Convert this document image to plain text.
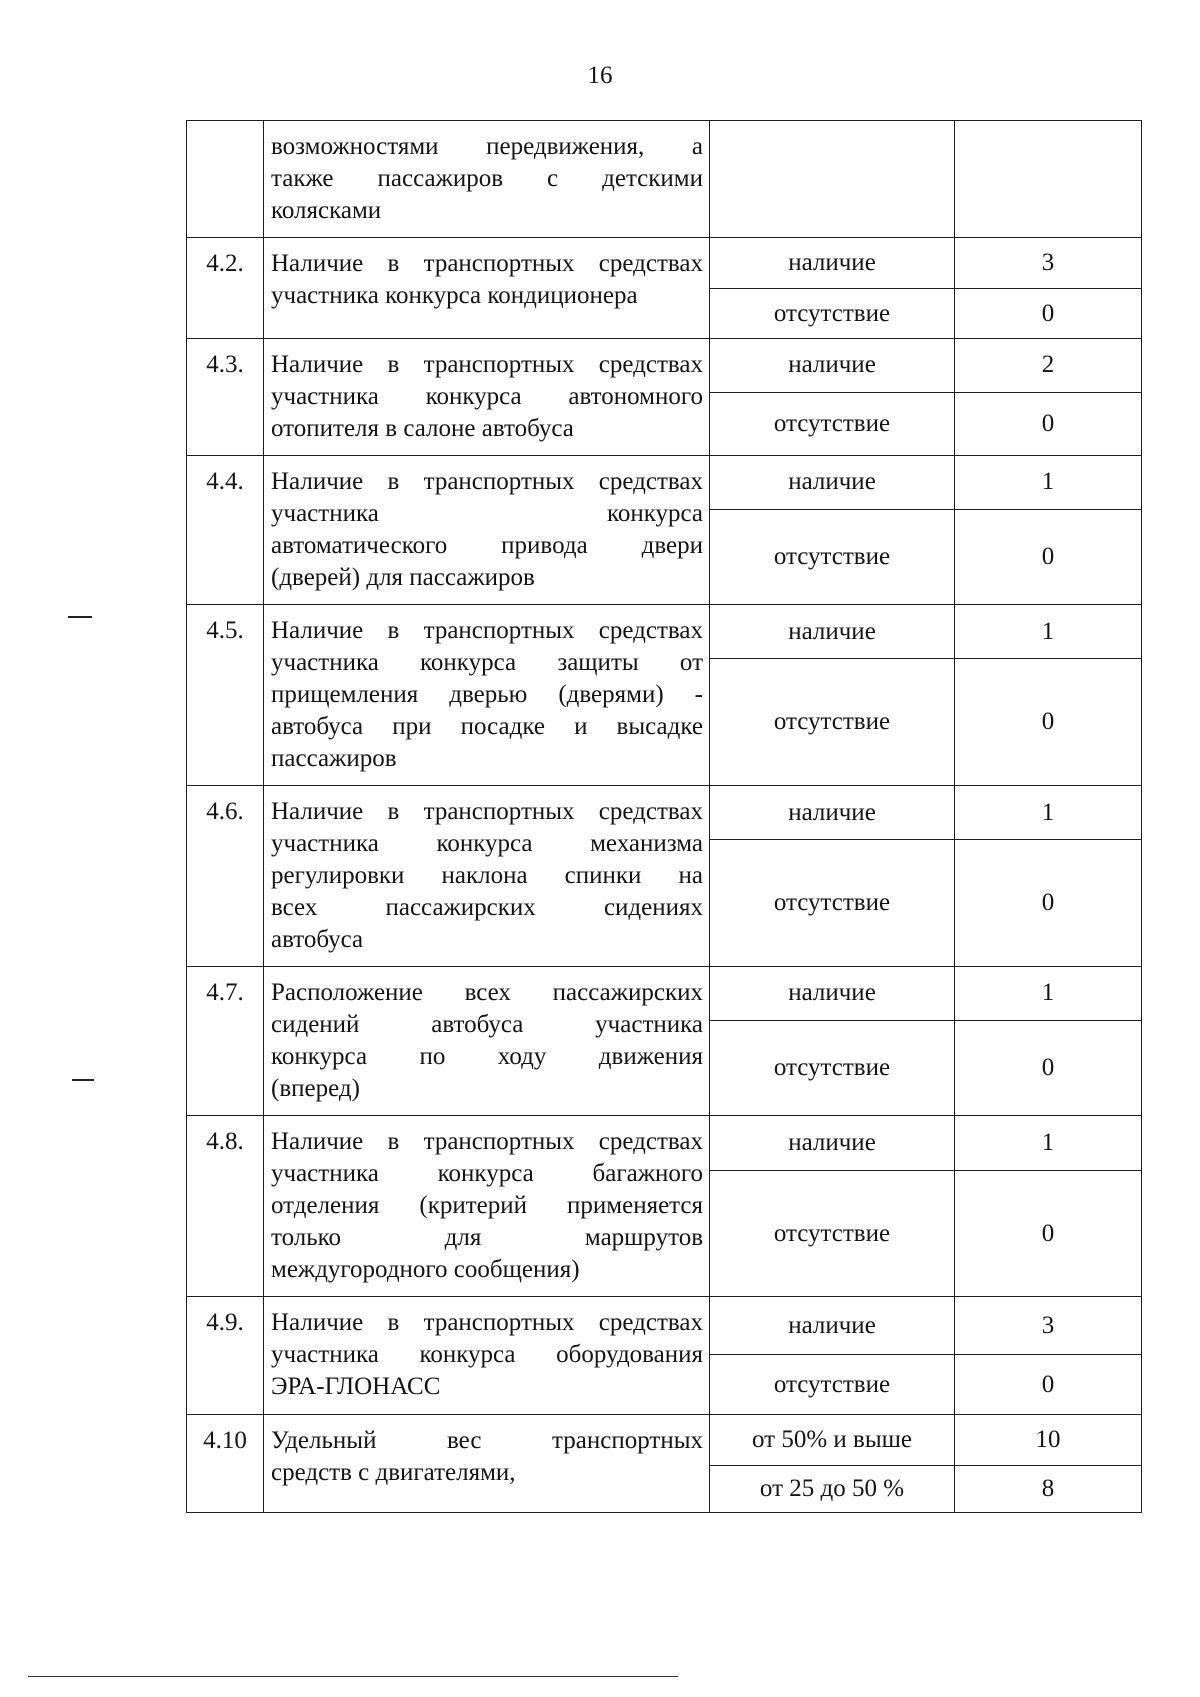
16

	возможностями передвижения, а
также пассажиров с детскими
колясками		

4.2.	Наличие в транспортных средствах
участника конкурса кондиционера	наличие	3
		отсутствие	0
4.3.	Наличие в транспортных средствах
участника конкурса автономного
отопителя в салоне автобуса	наличие	2
		отсутствие	0
4.4.	Наличие в транспортных средствах
участника конкурса
автоматического привода двери
(дверей) для пассажиров	наличие	1
		отсутствие	0
4.5.	Наличие в транспортных средствах
участника конкурса защиты от
прищемления дверью (дверями) -
автобуса при посадке и высадке
пассажиров	наличие	1
		отсутствие	0
4.6.	Наличие в транспортных средствах
участника конкурса механизма
регулировки наклона спинки на
всех пассажирских сидениях
автобуса	наличие	1
		отсутствие	0
4.7.	Расположение всех пассажирских
сидений автобуса участника
конкурса по ходу движения
(вперед)	наличие	1
		отсутствие	0
4.8.	Наличие в транспортных средствах
участника конкурса багажного
отделения (критерий применяется
только для маршрутов
междугородного сообщения)	наличие	1
		отсутствие	0
4.9.	Наличие в транспортных средствах
участника конкурса оборудования
ЭРА-ГЛОНАСС	наличие	3
		отсутствие	0
4.10	Удельный вес транспортных
средств с двигателями,	от 50% и выше	10
		от 25 до 50 %	8
